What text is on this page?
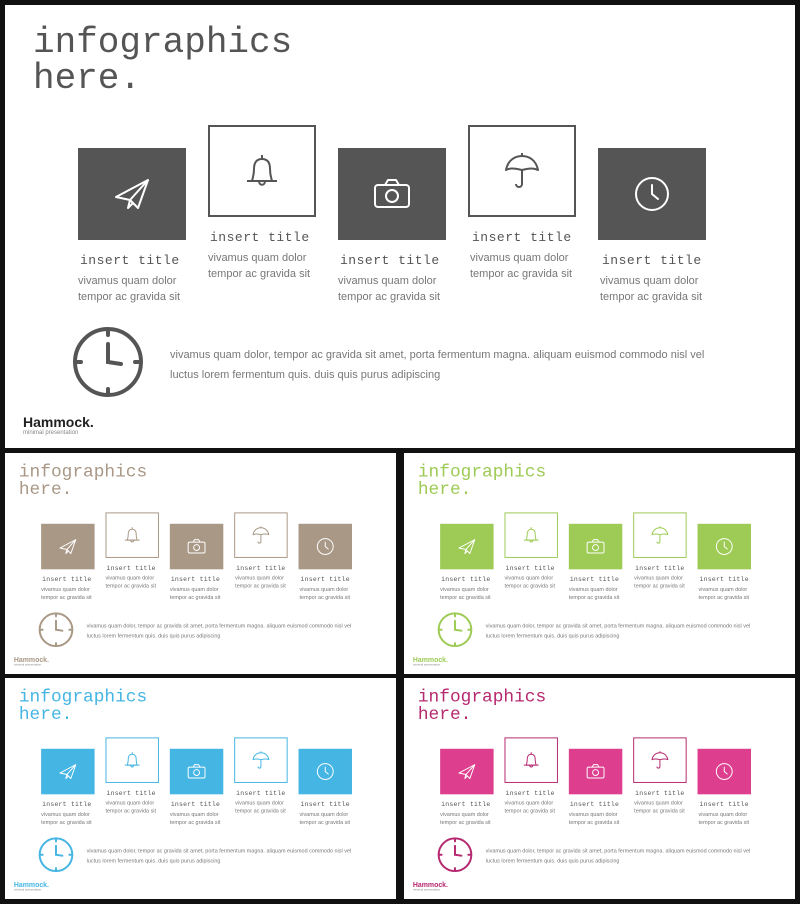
infographics
here.
insert title
vivamus quam dolor tempor ac gravida sit
insert title
vivamus quam dolor tempor ac gravida sit
insert title
vivamus quam dolor tempor ac gravida sit
insert title
vivamus quam dolor tempor ac gravida sit
insert title
vivamus quam dolor tempor ac gravida sit
vivamus quam dolor, tempor ac gravida sit amet, porta fermentum magna. aliquam euismod commodo nisl vel luctus lorem fermentum quis. duis quis purus adipiscing
Hammock.
minimal presentation
infographics
here.
insert title
vivamus quam dolor tempor ac gravida sit
insert title
vivamus quam dolor tempor ac gravida sit
insert title
vivamus quam dolor tempor ac gravida sit
insert title
vivamus quam dolor tempor ac gravida sit
insert title
vivamus quam dolor tempor ac gravida sit
vivamus quam dolor, tempor ac gravida sit amet, porta fermentum magna. aliquam euismod commodo nisl vel luctus lorem fermentum quis. duis quis purus adipiscing
Hammock.
minimal presentation
infographics
here.
insert title
vivamus quam dolor tempor ac gravida sit
insert title
vivamus quam dolor tempor ac gravida sit
insert title
vivamus quam dolor tempor ac gravida sit
insert title
vivamus quam dolor tempor ac gravida sit
insert title
vivamus quam dolor tempor ac gravida sit
vivamus quam dolor, tempor ac gravida sit amet, porta fermentum magna. aliquam euismod commodo nisl vel luctus lorem fermentum quis. duis quis purus adipiscing
Hammock.
minimal presentation
infographics
here.
insert title
vivamus quam dolor tempor ac gravida sit
insert title
vivamus quam dolor tempor ac gravida sit
insert title
vivamus quam dolor tempor ac gravida sit
insert title
vivamus quam dolor tempor ac gravida sit
insert title
vivamus quam dolor tempor ac gravida sit
vivamus quam dolor, tempor ac gravida sit amet, porta fermentum magna. aliquam euismod commodo nisl vel luctus lorem fermentum quis. duis quis purus adipiscing
Hammock.
minimal presentation
infographics
here.
insert title
vivamus quam dolor tempor ac gravida sit
insert title
vivamus quam dolor tempor ac gravida sit
insert title
vivamus quam dolor tempor ac gravida sit
insert title
vivamus quam dolor tempor ac gravida sit
insert title
vivamus quam dolor tempor ac gravida sit
vivamus quam dolor, tempor ac gravida sit amet, porta fermentum magna. aliquam euismod commodo nisl vel luctus lorem fermentum quis. duis quis purus adipiscing
Hammock.
minimal presentation
